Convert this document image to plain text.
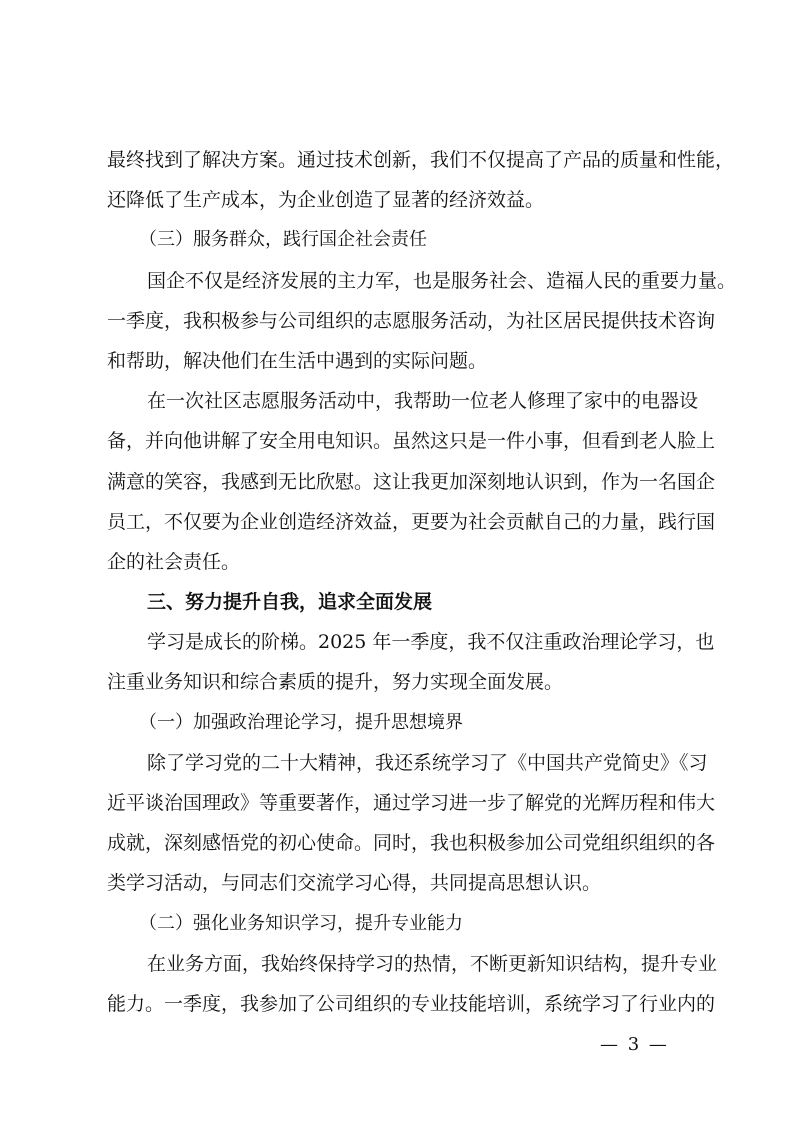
最终找到了解决方案。通过技术创新，我们不仅提高了产品的质量和性能，
还降低了生产成本，为企业创造了显著的经济效益。
（三）服务群众，践行国企社会责任
国企不仅是经济发展的主力军，也是服务社会、造福人民的重要力量。
一季度，我积极参与公司组织的志愿服务活动，为社区居民提供技术咨询
和帮助，解决他们在生活中遇到的实际问题。
在一次社区志愿服务活动中，我帮助一位老人修理了家中的电器设
备，并向他讲解了安全用电知识。虽然这只是一件小事，但看到老人脸上
满意的笑容，我感到无比欣慰。这让我更加深刻地认识到，作为一名国企
员工，不仅要为企业创造经济效益，更要为社会贡献自己的力量，践行国
企的社会责任。
三、努力提升自我，追求全面发展
学习是成长的阶梯。2025 年一季度，我不仅注重政治理论学习，也
注重业务知识和综合素质的提升，努力实现全面发展。
（一）加强政治理论学习，提升思想境界
除了学习党的二十大精神，我还系统学习了《中国共产党简史》《习
近平谈治国理政》等重要著作，通过学习进一步了解党的光辉历程和伟大
成就，深刻感悟党的初心使命。同时，我也积极参加公司党组织组织的各
类学习活动，与同志们交流学习心得，共同提高思想认识。
（二）强化业务知识学习，提升专业能力
在业务方面，我始终保持学习的热情，不断更新知识结构，提升专业
能力。一季度，我参加了公司组织的专业技能培训，系统学习了行业内的
— 3 —
